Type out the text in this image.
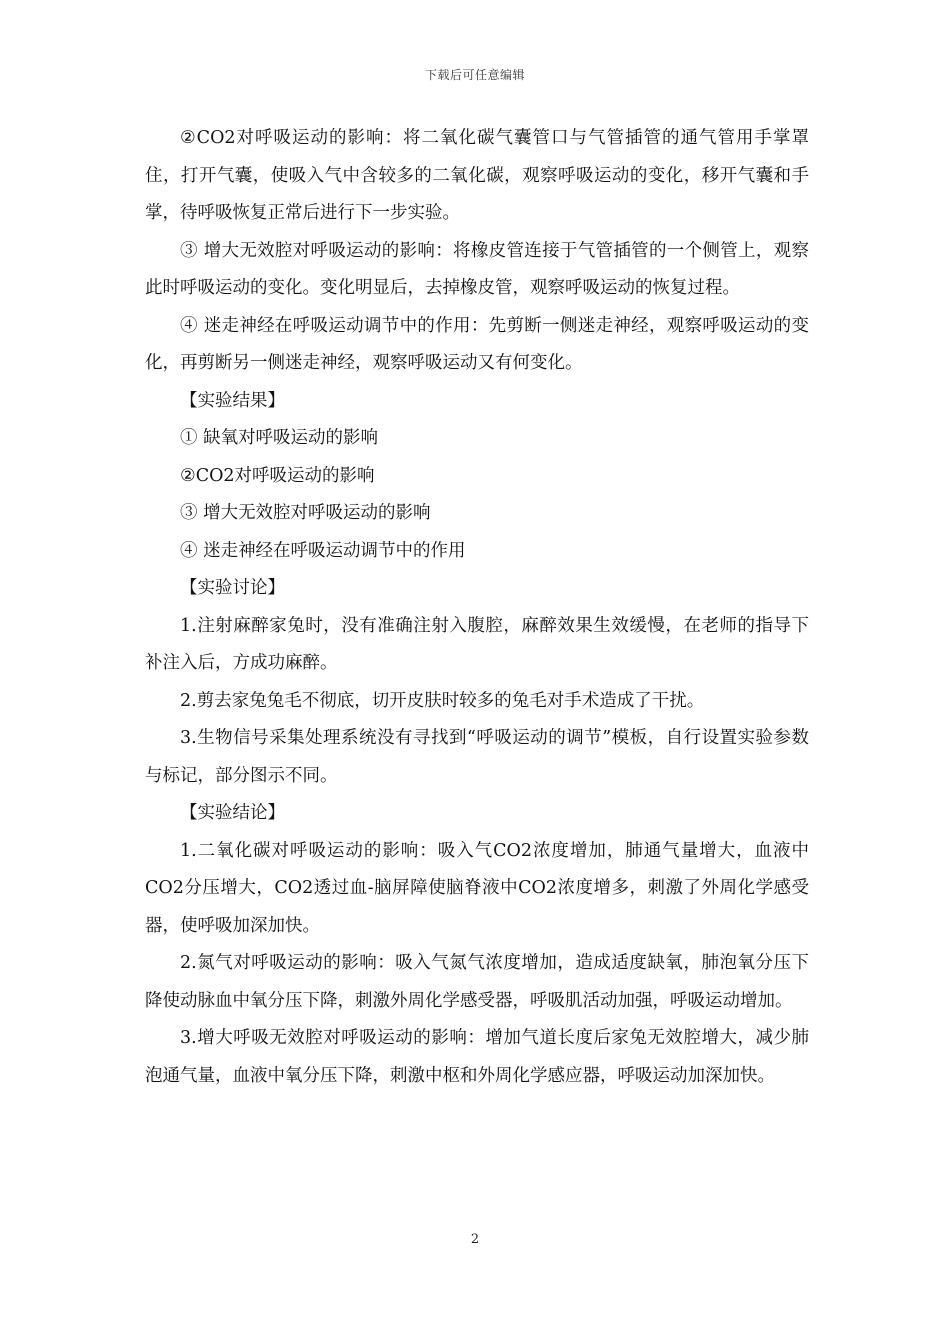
下载后可任意编辑

②CO2对呼吸运动的影响：将二氧化碳气囊管口与气管插管的通气管用手掌罩住，打开气囊，使吸入气中含较多的二氧化碳，观察呼吸运动的变化，移开气囊和手掌，待呼吸恢复正常后进行下一步实验。

③ 增大无效腔对呼吸运动的影响：将橡皮管连接于气管插管的一个侧管上，观察此时呼吸运动的变化。变化明显后，去掉橡皮管，观察呼吸运动的恢复过程。

④ 迷走神经在呼吸运动调节中的作用：先剪断一侧迷走神经，观察呼吸运动的变化，再剪断另一侧迷走神经，观察呼吸运动又有何变化。

【实验结果】

① 缺氧对呼吸运动的影响

②CO2对呼吸运动的影响

③ 增大无效腔对呼吸运动的影响

④ 迷走神经在呼吸运动调节中的作用

【实验讨论】

1.注射麻醉家兔时，没有准确注射入腹腔，麻醉效果生效缓慢，在老师的指导下补注入后，方成功麻醉。

2.剪去家兔兔毛不彻底，切开皮肤时较多的兔毛对手术造成了干扰。

3.生物信号采集处理系统没有寻找到“呼吸运动的调节”模板，自行设置实验参数与标记，部分图示不同。

【实验结论】

1.二氧化碳对呼吸运动的影响：吸入气CO2浓度增加，肺通气量增大，血液中CO2分压增大，CO2透过血-脑屏障使脑脊液中CO2浓度增多，刺激了外周化学感受器，使呼吸加深加快。

2.氮气对呼吸运动的影响：吸入气氮气浓度增加，造成适度缺氧，肺泡氧分压下降使动脉血中氧分压下降，刺激外周化学感受器，呼吸肌活动加强，呼吸运动增加。

3.增大呼吸无效腔对呼吸运动的影响：增加气道长度后家兔无效腔增大，减少肺泡通气量，血液中氧分压下降，刺激中枢和外周化学感应器，呼吸运动加深加快。

2
